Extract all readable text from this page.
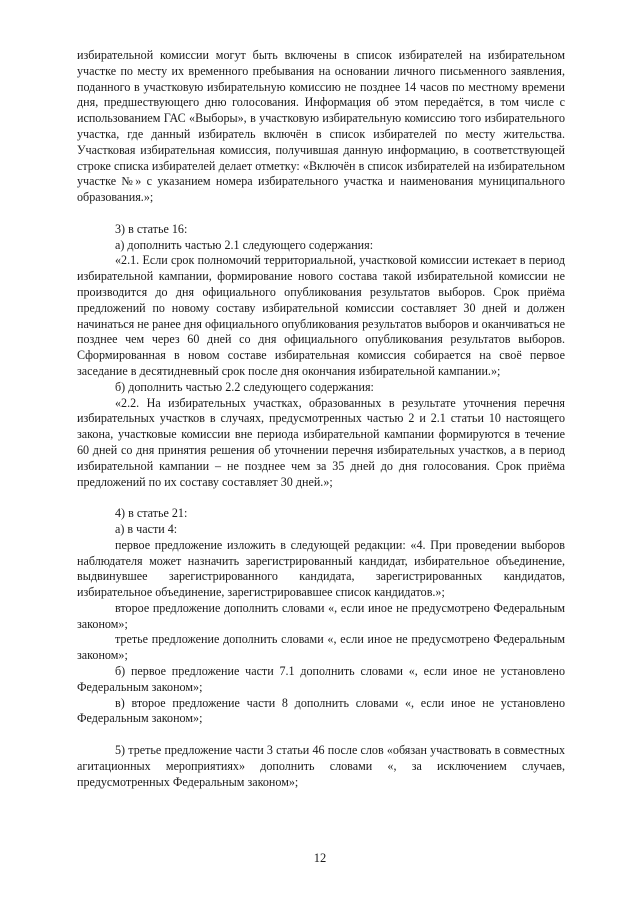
избирательной комиссии могут быть включены в список избирателей на избирательном участке по месту их временного пребывания на основании личного письменного заявления, поданного в участковую избирательную комиссию не позднее 14 часов по местному времени дня, предшествующего дню голосования. Информация об этом передаётся, в том числе с использованием ГАС «Выборы», в участковую избирательную комиссию того избирательного участка, где данный избиратель включён в список избирателей по месту жительства. Участковая избирательная комиссия, получившая данную информацию, в соответствующей строке списка избирателей делает отметку: «Включён в список избирателей на избирательном участке №» с указанием номера избирательного участка и наименования муниципального образования.»;

3) в статье 16:

а) дополнить частью 2.1 следующего содержания:

«2.1. Если срок полномочий территориальной, участковой комиссии истекает в период избирательной кампании, формирование нового состава такой избирательной комиссии не производится до дня официального опубликования результатов выборов. Срок приёма предложений по новому составу избирательной комиссии составляет 30 дней и должен начинаться не ранее дня официального опубликования результатов выборов и оканчиваться не позднее чем через 60 дней со дня официального опубликования результатов выборов. Сформированная в новом составе избирательная комиссия собирается на своё первое заседание в десятидневный срок после дня окончания избирательной кампании.»;

б) дополнить частью 2.2 следующего содержания:

«2.2. На избирательных участках, образованных в результате уточнения перечня избирательных участков в случаях, предусмотренных частью 2 и 2.1 статьи 10 настоящего закона, участковые комиссии вне периода избирательной кампании формируются в течение 60 дней со дня принятия решения об уточнении перечня избирательных участков, а в период избирательной кампании – не позднее чем за 35 дней до дня голосования. Срок приёма предложений по их составу составляет 30 дней.»;

4) в статье 21:

а) в части 4:

первое предложение изложить в следующей редакции: «4. При проведении выборов наблюдателя может назначить зарегистрированный кандидат, избирательное объединение, выдвинувшее зарегистрированного кандидата, зарегистрированных кандидатов, избирательное объединение, зарегистрировавшее список кандидатов.»;

второе предложение дополнить словами «, если иное не предусмотрено Федеральным законом»;

третье предложение дополнить словами «, если иное не предусмотрено Федеральным законом»;

б) первое предложение части 7.1 дополнить словами «, если иное не установлено Федеральным законом»;

в) второе предложение части 8 дополнить словами «, если иное не установлено Федеральным законом»;

5) третье предложение части 3 статьи 46 после слов «обязан участвовать в совместных агитационных мероприятиях» дополнить словами «, за исключением случаев, предусмотренных Федеральным законом»;

12
